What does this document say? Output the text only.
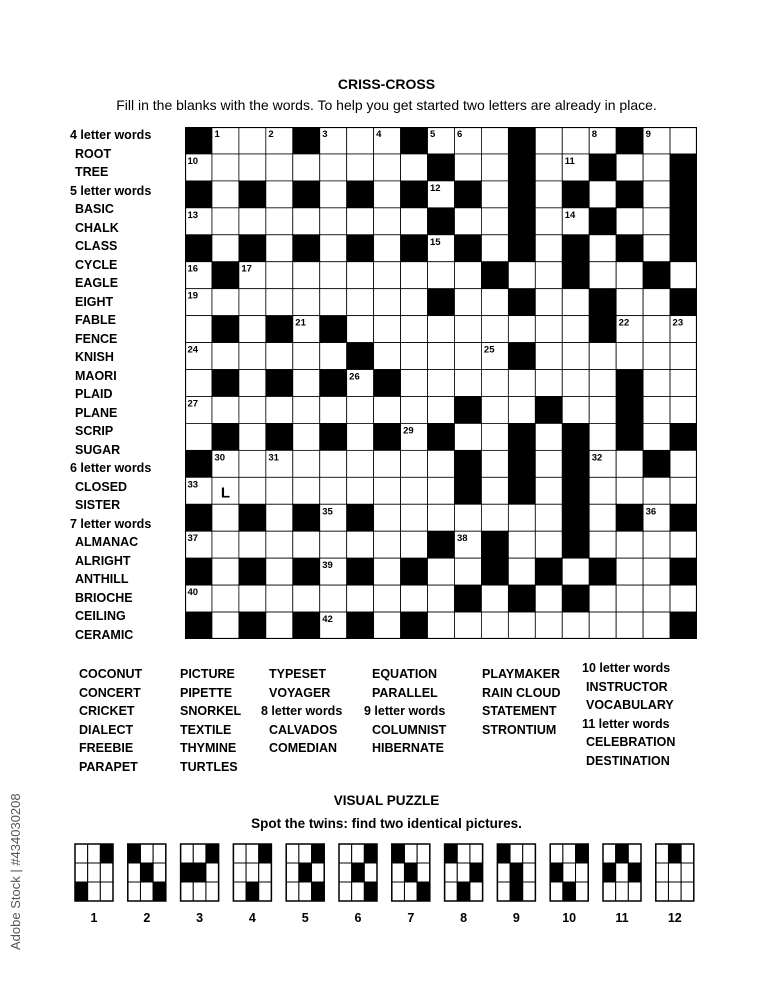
CRISS-CROSS
Fill in the blanks with the words. To help you get started two letters are already in place.
4 letter words
ROOT
TREE
5 letter words
BASIC
CHALK
CLASS
CYCLE
EAGLE
EIGHT
FABLE
FENCE
KNISH
MAORI
PLAID
PLANE
SCRIP
SUGAR
6 letter words
CLOSED
SISTER
7 letter words
ALMANAC
ALRIGHT
ANTHILL
BRIOCHE
CEILING
CERAMIC
1	2	3	4	5 6	7	8	9
10	11
12
13	14
15
16	17	18
19	20
21	22	23
24	25
26
27	28
29
30	31	32
33	34
35	36
37	38
39
40	41
42
T
L
COCONUT
CONCERT
CRICKET
DIALECT
FREEBIE
PARAPET
PICTURE
PIPETTE
SNORKEL
TEXTILE
THYMINE
TURTLES
TYPESET
VOYAGER
8 letter words
CALVADOS
COMEDIAN
EQUATION
PARALLEL
9 letter words
COLUMNIST
HIBERNATE
PLAYMAKER
RAIN CLOUD
STATEMENT
STRONTIUM
10 letter words
INSTRUCTOR
VOCABULARY
11 letter words
CELEBRATION
DESTINATION
VISUAL PUZZLE
Spot the twins: find two identical pictures.
1	2	3	4	5	6	7	8	9	10	11	12
Adobe Stock | #434030208
